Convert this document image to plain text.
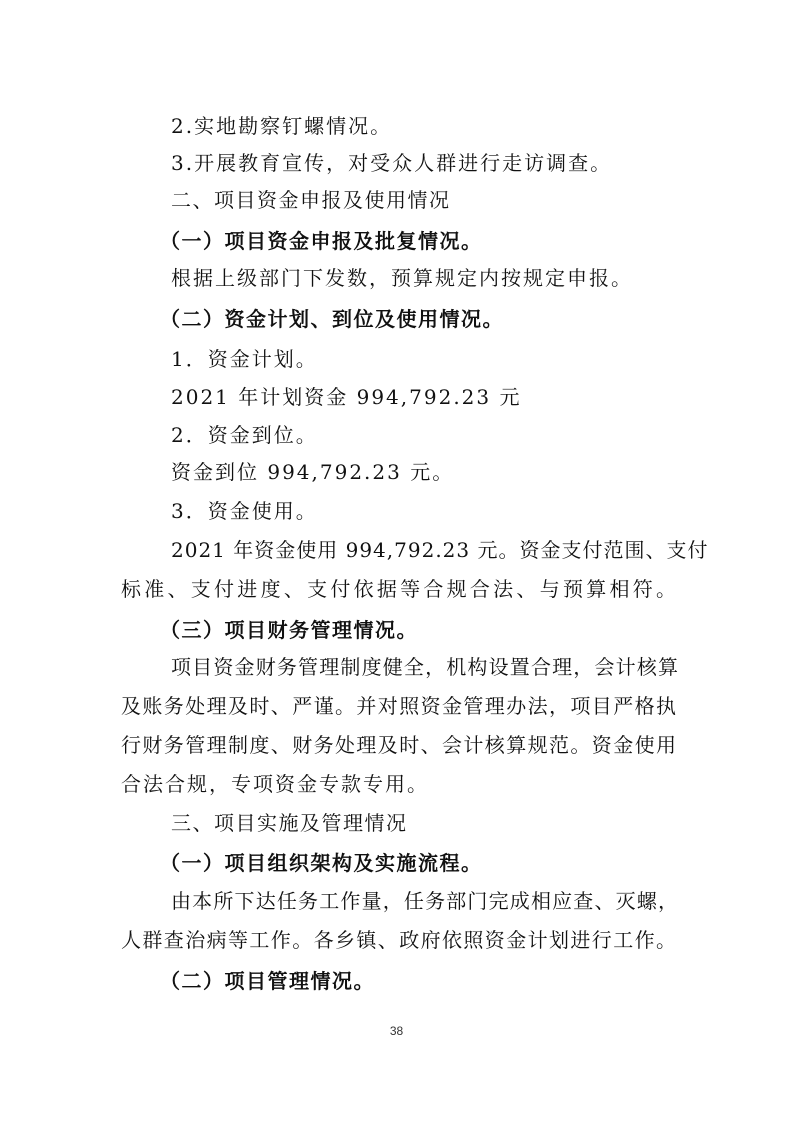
2.实地勘察钉螺情况。
3.开展教育宣传，对受众人群进行走访调查。
二、项目资金申报及使用情况
（一）项目资金申报及批复情况。
根据上级部门下发数，预算规定内按规定申报。
（二）资金计划、到位及使用情况。
1．资金计划。
2021 年计划资金 994,792.23 元
2．资金到位。
资金到位 994,792.23 元。
3．资金使用。
2021 年资金使用 994,792.23 元。资金支付范围、支付
标准、支付进度、支付依据等合规合法、与预算相符。
（三）项目财务管理情况。
项目资金财务管理制度健全，机构设置合理，会计核算
及账务处理及时、严谨。并对照资金管理办法，项目严格执
行财务管理制度、财务处理及时、会计核算规范。资金使用
合法合规，专项资金专款专用。
三、项目实施及管理情况
（一）项目组织架构及实施流程。
由本所下达任务工作量，任务部门完成相应查、灭螺，
人群查治病等工作。各乡镇、政府依照资金计划进行工作。
（二）项目管理情况。
38
